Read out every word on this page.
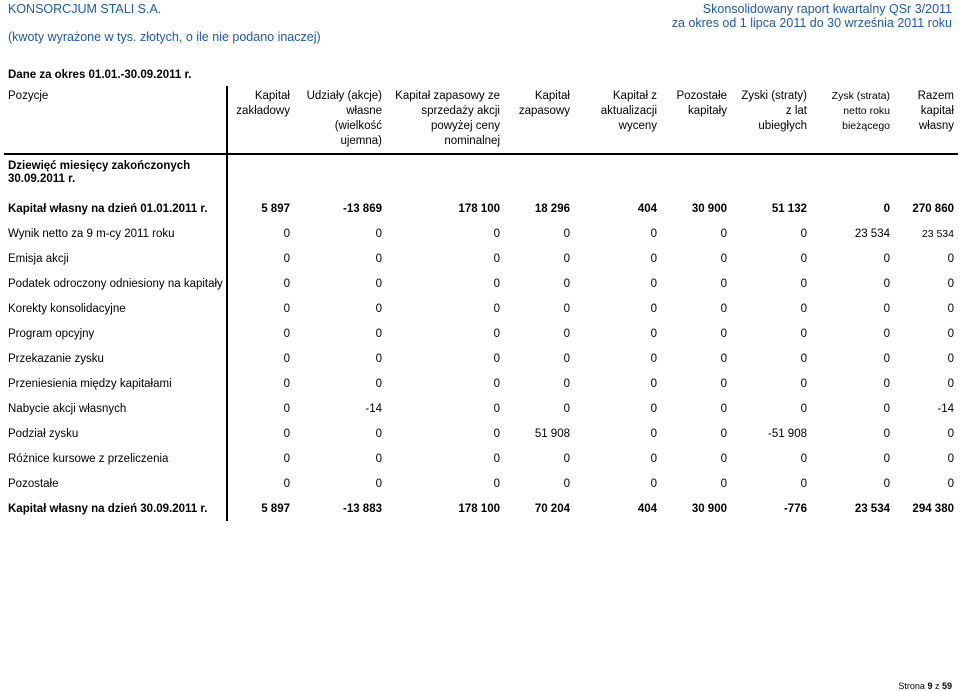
KONSORCJUM STALI S.A.
(kwoty wyrażone w tys. złotych, o ile nie podano inaczej)
Skonsolidowany raport kwartalny QSr 3/2011
za okres od 1 lipca 2011 do 30 września 2011 roku
Dane za okres 01.01.-30.09.2011 r.
Pozycje	Kapitał zakładowy	Udziały (akcje) własne (wielkość ujemna)	Kapitał zapasowy ze sprzedaży akcji powyżej ceny nominalnej	Kapitał zapasowy	Kapitał z aktualizacji wyceny	Pozostałe kapitały	Zyski (straty) z lat ubiegłych	Zysk (strata) netto roku bieżącego	Razem kapitał własny
Dziewięć miesięcy zakończonych 30.09.2011 r.									
Kapitał własny na dzień 01.01.2011 r.	5 897	-13 869	178 100	18 296	404	30 900	51 132	0	270 860
Wynik netto za 9 m-cy 2011 roku	0	0	0	0	0	0	0	23 534	23 534
Emisja akcji	0	0	0	0	0	0	0	0	0
Podatek odroczony odniesiony na kapitały	0	0	0	0	0	0	0	0	0
Korekty konsolidacyjne	0	0	0	0	0	0	0	0	0
Program opcyjny	0	0	0	0	0	0	0	0	0
Przekazanie zysku	0	0	0	0	0	0	0	0	0
Przeniesienia między kapitałami	0	0	0	0	0	0	0	0	0
Nabycie akcji własnych	0	-14	0	0	0	0	0	0	-14
Podział zysku	0	0	0	51 908	0	0	-51 908	0	0
Różnice kursowe z przeliczenia	0	0	0	0	0	0	0	0	0
Pozostałe	0	0	0	0	0	0	0	0	0
Kapitał własny na dzień 30.09.2011 r.	5 897	-13 883	178 100	70 204	404	30 900	-776	23 534	294 380
Strona 9 z 59
